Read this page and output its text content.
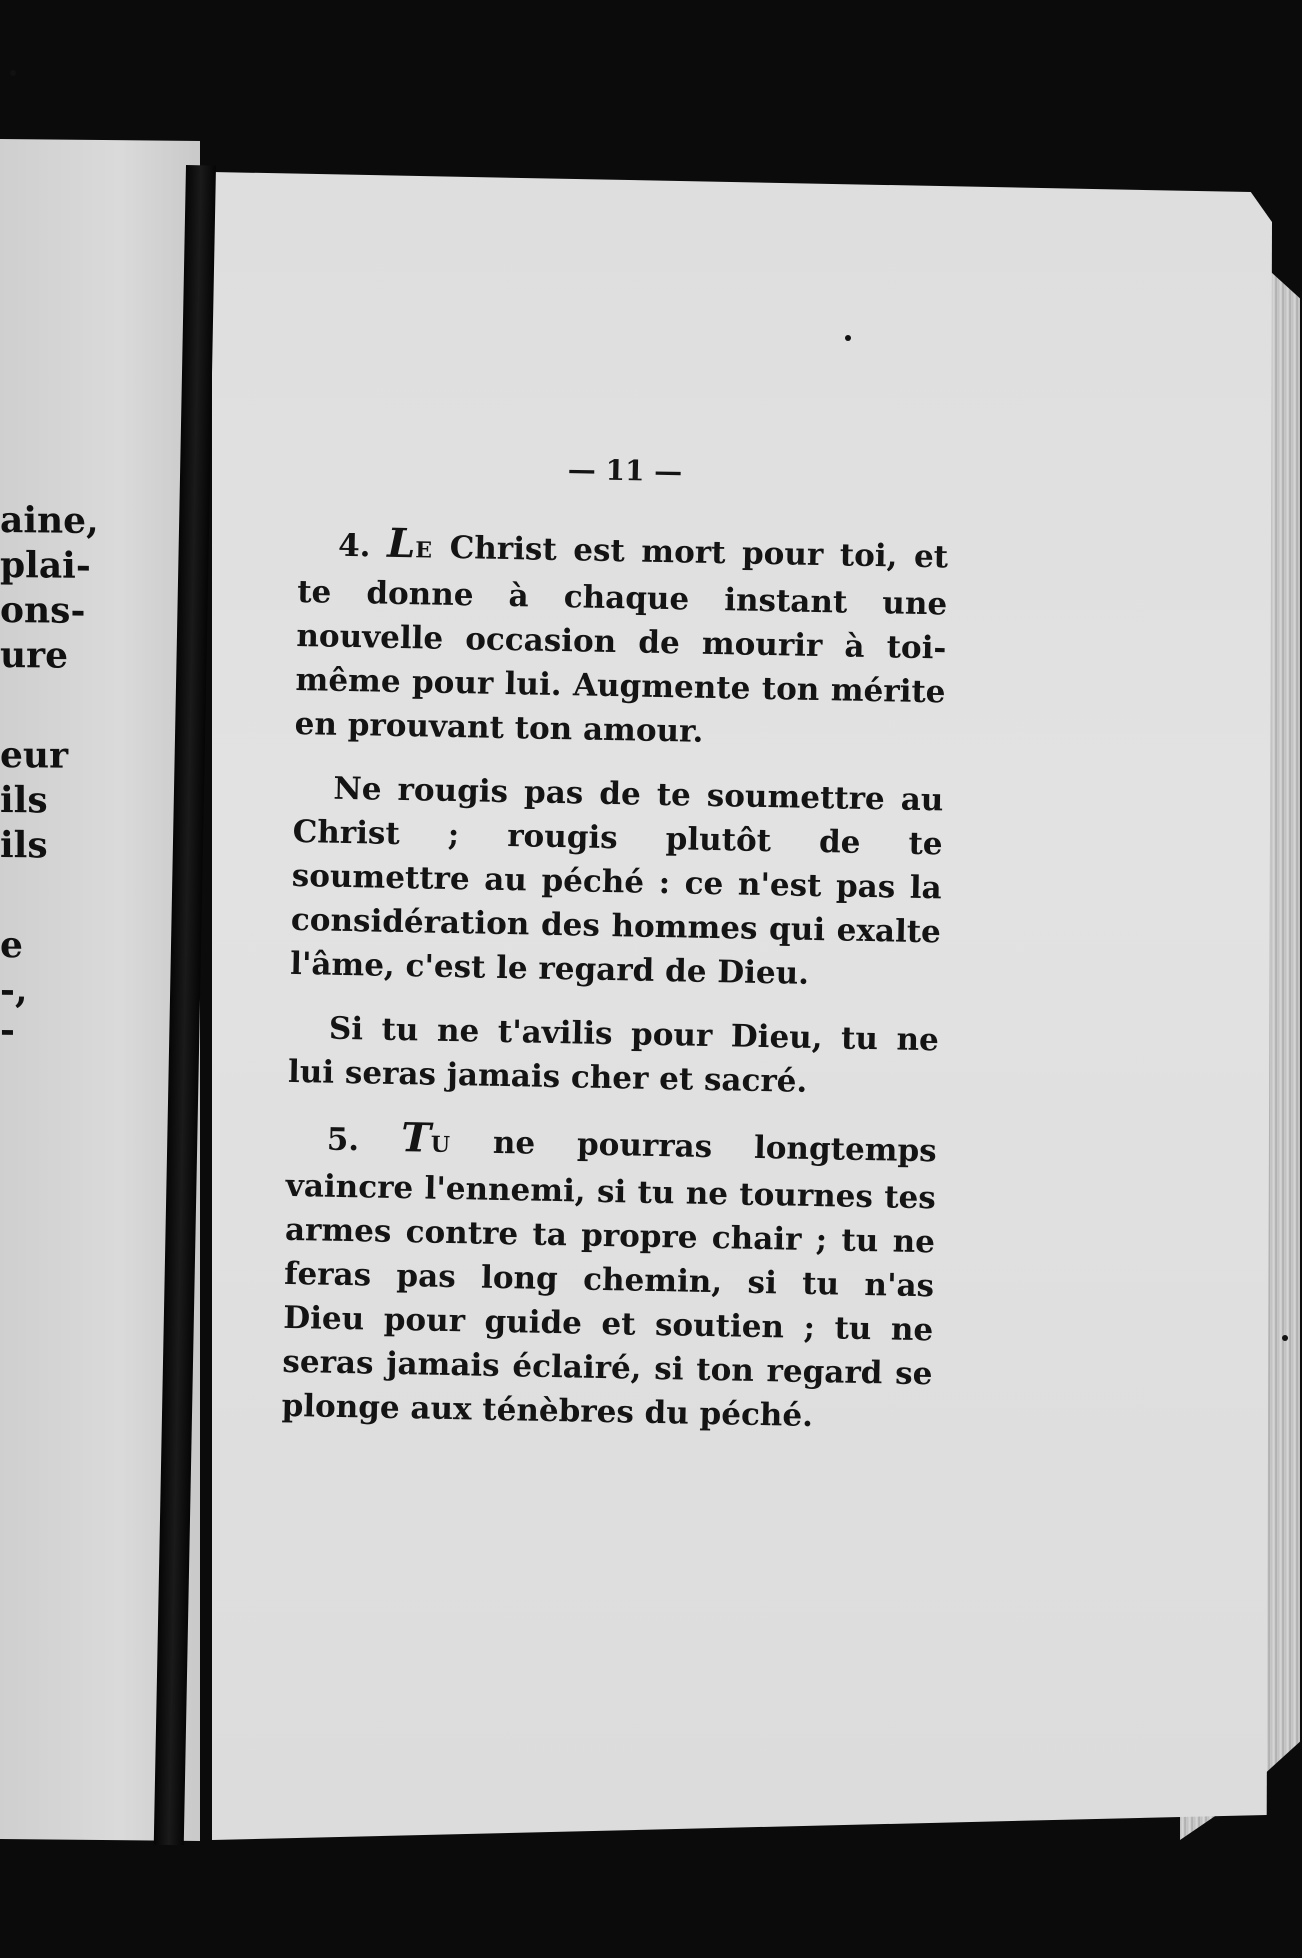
aine,
plai-
ons-
ure
eur
ils
ils
e
-,
-
— 11 —

4. LE Christ est mort pour toi, et te donne à chaque instant une nouvelle occasion de mourir à toi-même pour lui. Augmente ton mérite en prouvant ton amour.

Ne rougis pas de te soumettre au Christ ; rougis plutôt de te soumettre au péché : ce n'est pas la considération des hommes qui exalte l'âme, c'est le regard de Dieu.

Si tu ne t'avilis pour Dieu, tu ne lui seras jamais cher et sacré.

5. TU ne pourras longtemps vaincre l'ennemi, si tu ne tournes tes armes contre ta propre chair ; tu ne feras pas long chemin, si tu n'as Dieu pour guide et soutien ; tu ne seras jamais éclairé, si ton regard se plonge aux ténèbres du péché.
